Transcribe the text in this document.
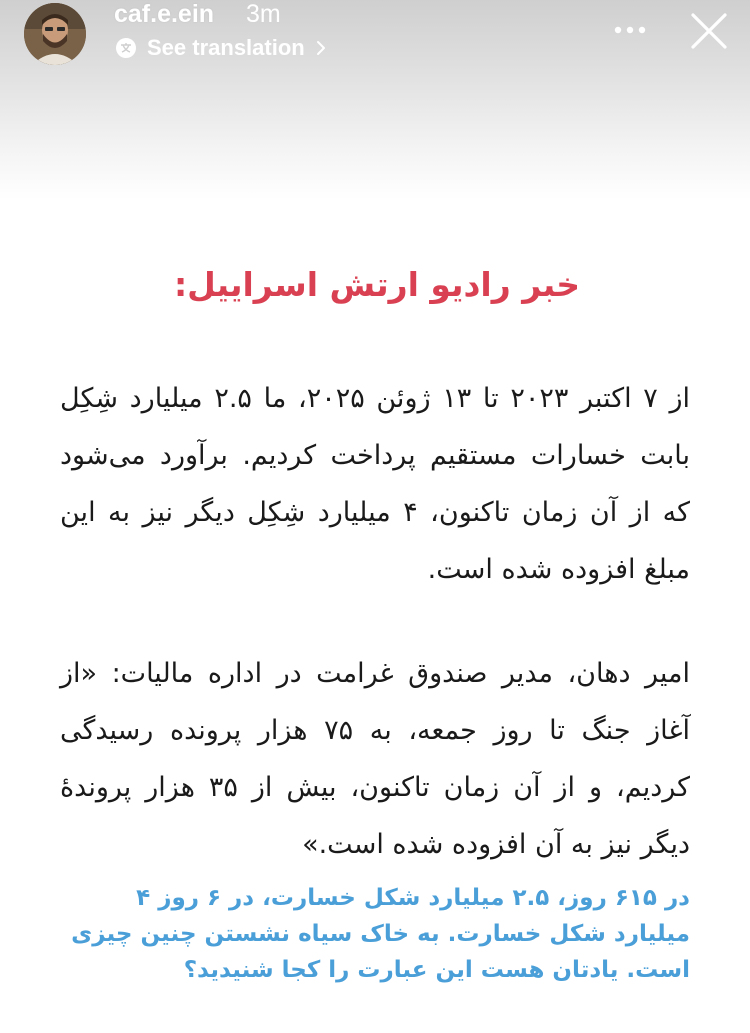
caf.e.ein 3m
See translation
خبر رادیو ارتش اسراییل:
از ۷ اکتبر ۲۰۲۳ تا ۱۳ ژوئن ۲۰۲۵، ما ۲.۵ میلیارد شِکِل بابت خسارات مستقیم پرداخت کردیم. برآورد می‌شود که از آن زمان تاکنون، ۴ میلیارد شِکِل دیگر نیز به این مبلغ افزوده شده است.
امیر دهان، مدیر صندوق غرامت در اداره مالیات: «از آغاز جنگ تا روز جمعه، به ۷۵ هزار پرونده رسیدگی کردیم، و از آن زمان تاکنون، بیش از ۳۵ هزار پروندهٔ دیگر نیز به آن افزوده شده است.»
در ۶۱۵ روز، ۲.۵ میلیارد شکل خسارت، در ۶ روز ۴ میلیارد شکل خسارت. به خاک سیاه نشستن چنین چیزی است. یادتان هست این عبارت را کجا شنیدید؟
